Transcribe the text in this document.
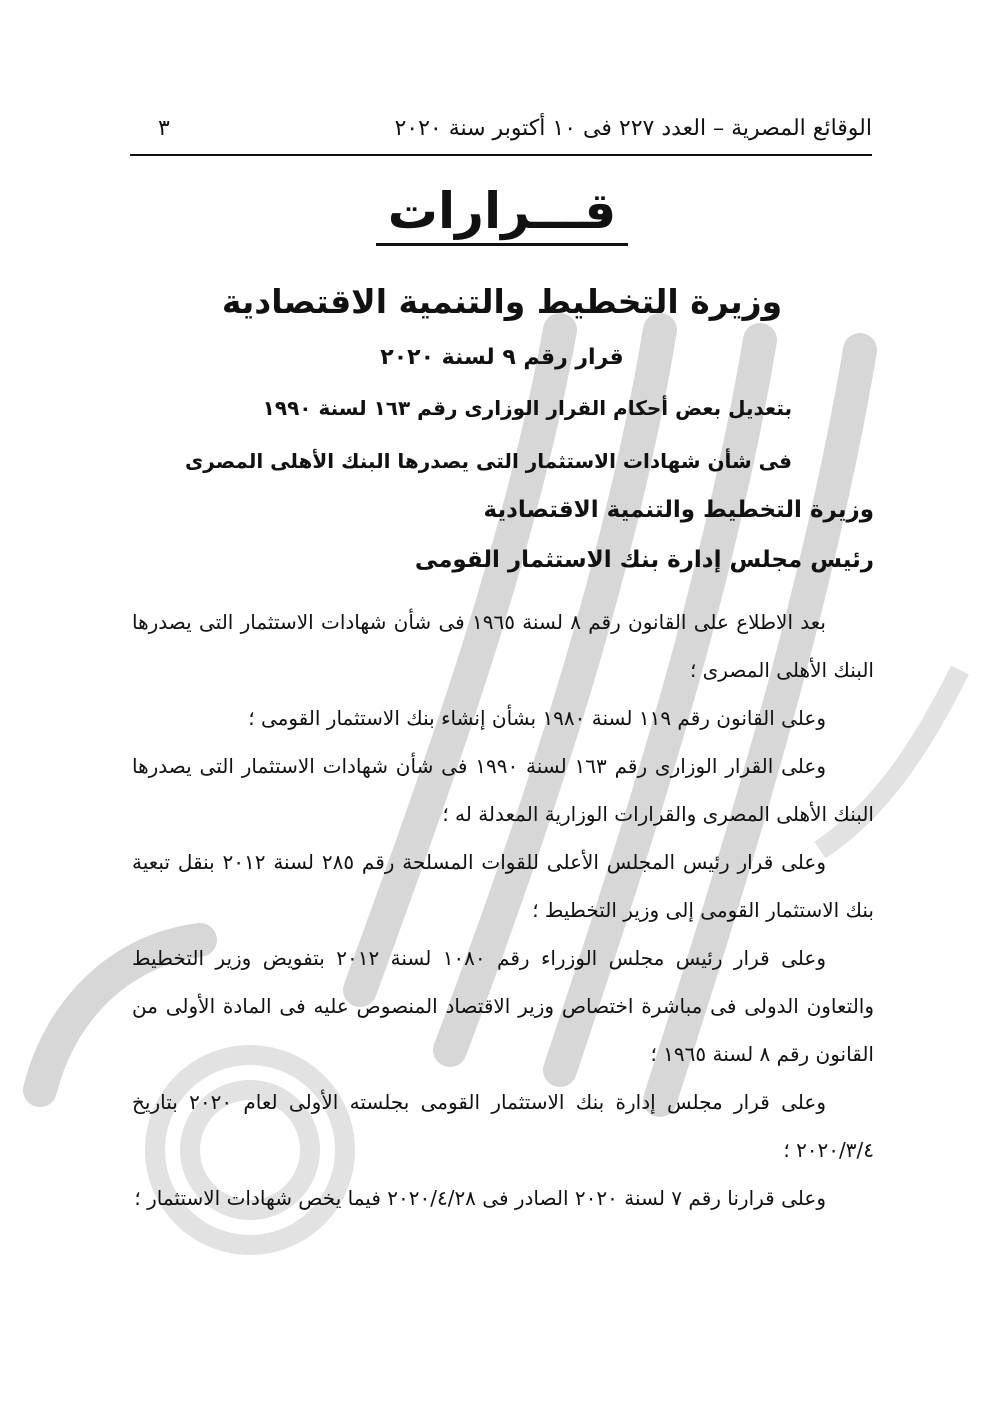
الوقائع المصرية – العدد ٢٢٧ فى ١٠ أكتوبر سنة ٢٠٢٠
٣
قـــرارات
وزيرة التخطيط والتنمية الاقتصادية
قرار رقم ٩ لسنة ٢٠٢٠
بتعديل بعض أحكام القرار الوزارى رقم ١٦٣ لسنة ١٩٩٠
فى شأن شهادات الاستثمار التى يصدرها البنك الأهلى المصرى
وزيرة التخطيط والتنمية الاقتصادية
رئيس مجلس إدارة بنك الاستثمار القومى

بعد الاطلاع على القانون رقم ٨ لسنة ١٩٦٥ فى شأن شهادات الاستثمار التى يصدرها البنك الأهلى المصرى ؛

وعلى القانون رقم ١١٩ لسنة ١٩٨٠ بشأن إنشاء بنك الاستثمار القومى ؛

وعلى القرار الوزارى رقم ١٦٣ لسنة ١٩٩٠ فى شأن شهادات الاستثمار التى يصدرها البنك الأهلى المصرى والقرارات الوزارية المعدلة له ؛

وعلى قرار رئيس المجلس الأعلى للقوات المسلحة رقم ٢٨٥ لسنة ٢٠١٢ بنقل تبعية بنك الاستثمار القومى إلى وزير التخطيط ؛

وعلى قرار رئيس مجلس الوزراء رقم ١٠٨٠ لسنة ٢٠١٢ بتفويض وزير التخطيط والتعاون الدولى فى مباشرة اختصاص وزير الاقتصاد المنصوص عليه فى المادة الأولى من القانون رقم ٨ لسنة ١٩٦٥ ؛

وعلى قرار مجلس إدارة بنك الاستثمار القومى بجلسته الأولى لعام ٢٠٢٠ بتاريخ ٢٠٢٠/٣/٤ ؛

وعلى قرارنا رقم ٧ لسنة ٢٠٢٠ الصادر فى ٢٠٢٠/٤/٢٨ فيما يخص شهادات الاستثمار ؛
